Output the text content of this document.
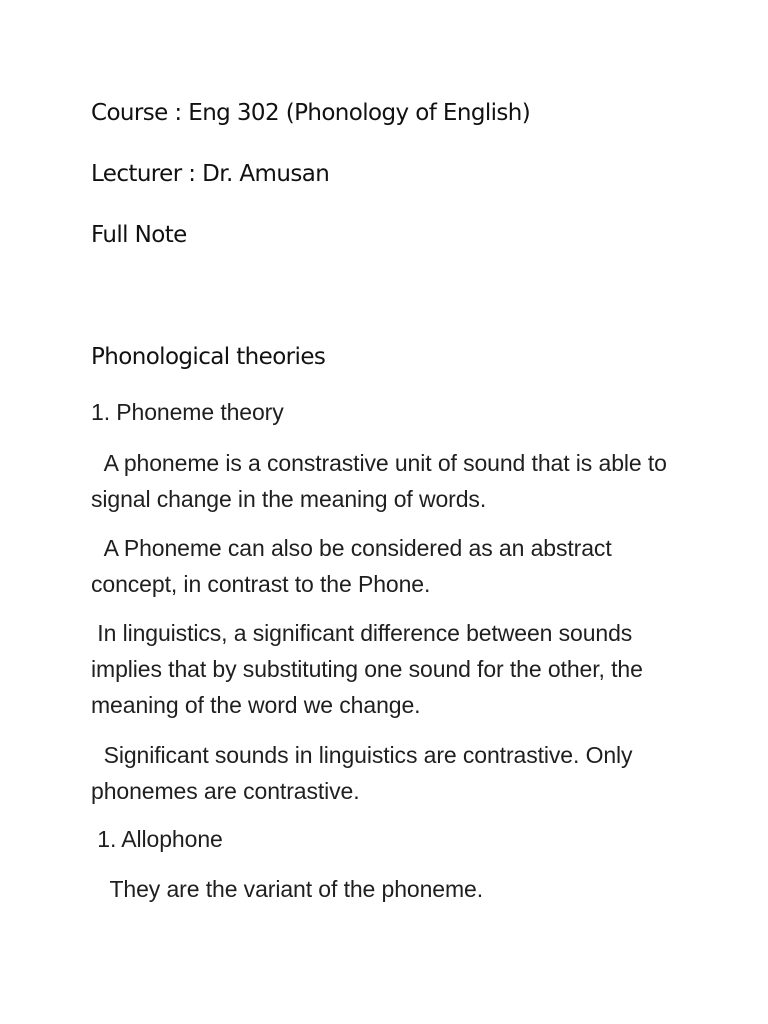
Course : Eng 302 (Phonology of English)
Lecturer : Dr. Amusan
Full Note
Phonological theories
1. Phoneme theory
A phoneme is a constrastive unit of sound that is able to signal change in the meaning of words.
A Phoneme can also be considered as an abstract concept, in contrast to the Phone.
In linguistics, a significant difference between sounds implies that by substituting one sound for the other, the meaning of the word we change.
Significant sounds in linguistics are contrastive. Only phonemes are contrastive.
1. Allophone
They are the variant of the phoneme.
